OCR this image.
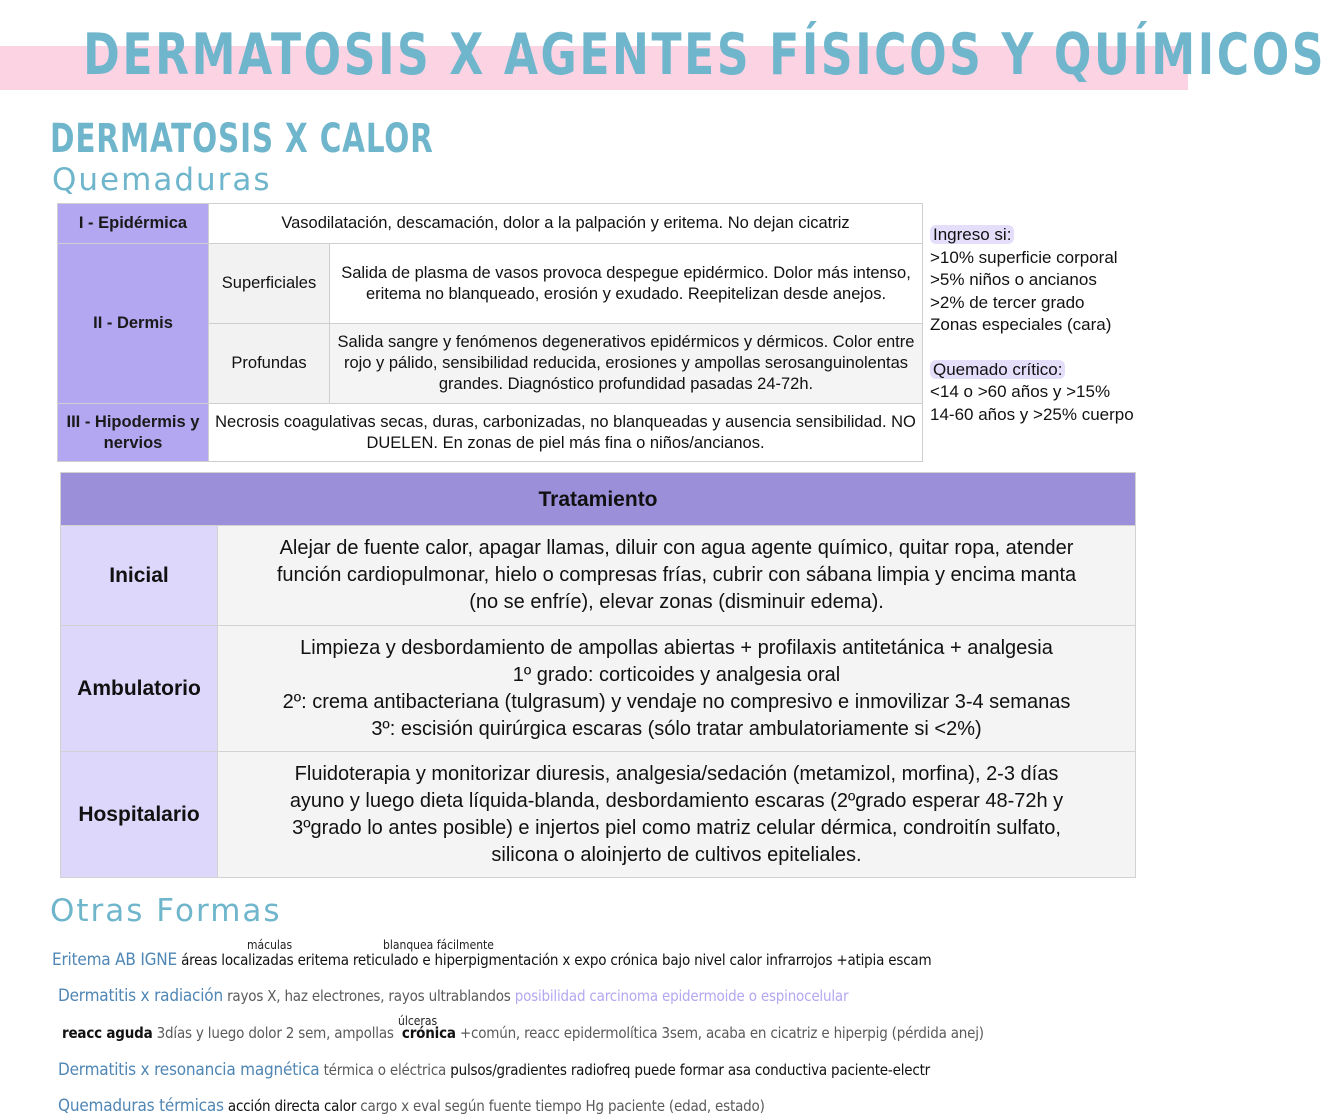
DERMATOSIS X AGENTES FÍSICOS Y QUÍMICOS
DERMATOSIS X CALOR
Quemaduras
I - Epidérmica	Vasodilatación, descamación, dolor a la palpación y eritema. No dejan cicatriz	
II - Dermis	Superficiales	Salida de plasma de vasos provoca despegue epidérmico. Dolor más intenso, eritema no blanqueado, erosión y exudado. Reepitelizan desde anejos.
	Profundas	Salida sangre y fenómenos degenerativos epidérmicos y dérmicos. Color entre rojo y pálido, sensibilidad reducida, erosiones y ampollas serosanguinolentas grandes. Diagnóstico profundidad pasadas 24-72h.
III - Hipodermis y nervios	Necrosis coagulativas secas, duras, carbonizadas, no blanqueadas y ausencia sensibilidad. NO DUELEN. En zonas de piel más fina o niños/ancianos.	
Ingreso si:
>10% superficie corporal
>5% niños o ancianos
>2% de tercer grado
Zonas especiales (cara)
Quemado crítico:
<14 o >60 años y >15%
14-60 años y >25% cuerpo
Tratamiento	
Inicial	Alejar de fuente calor, apagar llamas, diluir con agua agente químico, quitar ropa, atender
función cardiopulmonar, hielo o compresas frías, cubrir con sábana limpia y encima manta
(no se enfríe), elevar zonas (disminuir edema).

Ambulatorio	Limpieza y desbordamiento de ampollas abiertas + profilaxis antitetánica + analgesia
1º grado: corticoides y analgesia oral
2º: crema antibacteriana (tulgrasum) y vendaje no compresivo e inmovilizar 3-4 semanas
3º: escisión quirúrgica escaras (sólo tratar ambulatoriamente si <2%)

Hospitalario	Fluidoterapia y monitorizar diuresis, analgesia/sedación (metamizol, morfina), 2-3 días
ayuno y luego dieta líquida-blanda, desbordamiento escaras (2ºgrado esperar 48-72h y
3ºgrado lo antes posible) e injertos piel como matriz celular dérmica, condroitín sulfato,
silicona o aloinjerto de cultivos epiteliales.
Otras Formas
máculas	blanquea fácilmente
Eritema AB IGNE áreas localizadas eritema reticulado e hiperpigmentación x expo crónica bajo nivel calor infrarrojos +atipia escam
Dermatitis x radiación rayos X, haz electrones, rayos ultrablandos posibilidad carcinoma epidermoide o espinocelular
úlceras
reacc aguda 3días y luego dolor 2 sem, ampollas crónica +común, reacc epidermolítica 3sem, acaba en cicatriz e hiperpig (pérdida anej)
Dermatitis x resonancia magnética térmica o eléctrica pulsos/gradientes radiofreq puede formar asa conductiva paciente-electr
Quemaduras térmicas acción directa calor cargo x eval según fuente tiempo Hg paciente (edad, estado)
